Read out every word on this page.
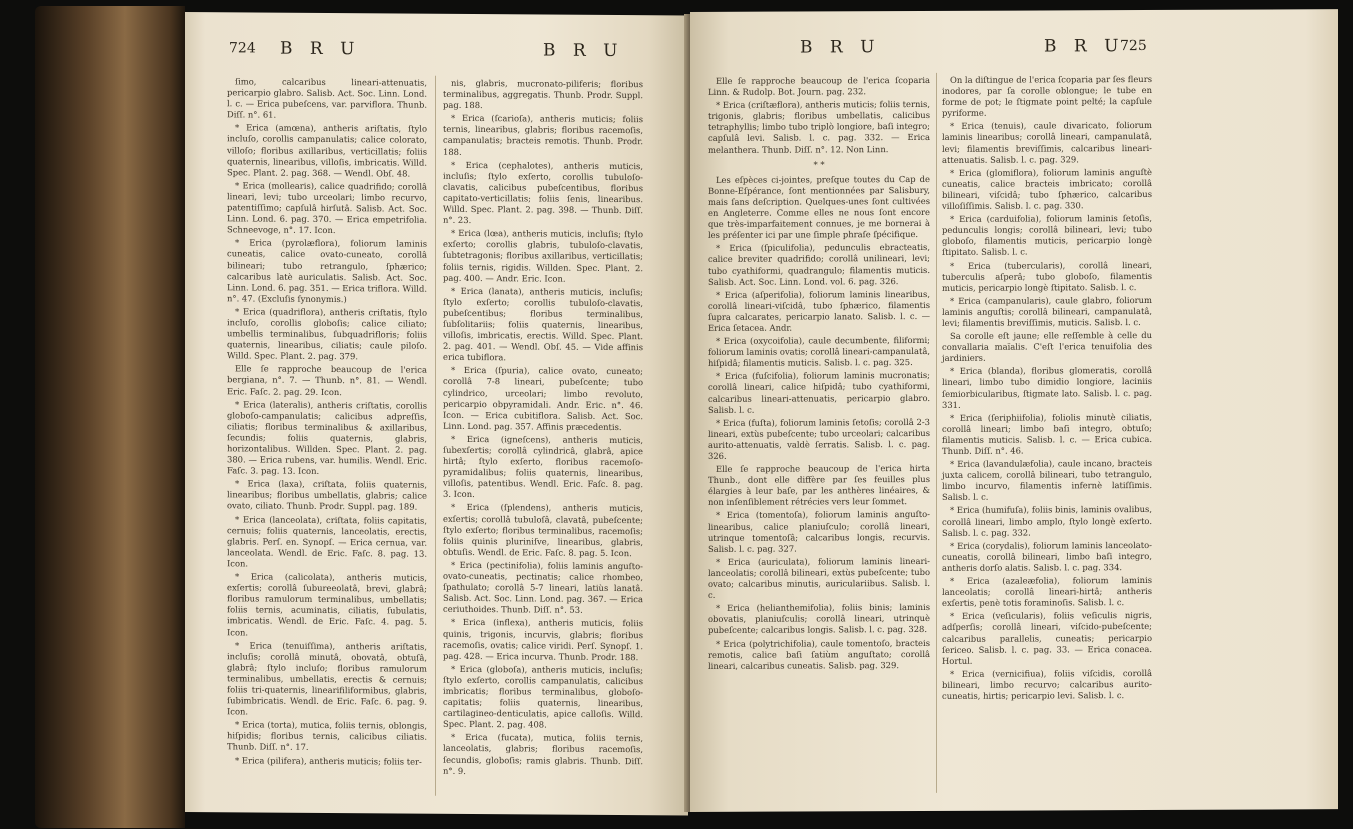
724 B R U	B R U

ſimo, calcaribus lineari-attenuatis, pericarpio glabro. Salisb. Act. Soc. Linn. Lond. l. c. — Erica pubeſcens, var. parviflora. Thunb. Diſſ. n°. 61.

* Erica (amœna), antheris ariſtatis, ſtylo incluſo, corollis campanulatis; calice colorato, villoſo; floribus axillaribus, verticillatis; foliis quaternis, linearibus, villoſis, imbricatis. Willd. Spec. Plant. 2. pag. 368. — Wendl. Obſ. 48.

* Erica (mollearis), calice quadrifido; corollâ lineari, levi; tubo urceolari; limbo recurvo, patentiſſimo; capſulâ hirſutâ. Salisb. Act. Soc. Linn. Lond. 6. pag. 370. — Erica empetrifolia. Schneevoge, n°. 17. Icon.

* Erica (pyrolæflora), foliorum laminis cuneatis, calice ovato-cuneato, corollâ bilineari; tubo retrangulo, ſphærico; calcaribus latè auriculatis. Salisb. Act. Soc. Linn. Lond. 6. pag. 351. — Erica triflora. Willd. n°. 47. (Excluſis ſynonymis.)

* Erica (quadriflora), antheris criſtatis, ſtylo incluſo, corollis globoſis; calice ciliato; umbellis terminalibus, ſubquadrifloris; foliis quaternis, linearibus, ciliatis; caule piloſo. Willd. Spec. Plant. 2. pag. 379.

Elle ſe rapproche beaucoup de l'erica bergiana, n°. 7. — Thunb. n°. 81. — Wendl. Eric. Faſc. 2. pag. 29. Icon.

* Erica (lateralis), antheris criſtatis, corollis globoſo-campanulatis; calicibus adpreſſis, ciliatis; floribus terminalibus & axillaribus, ſecundis; foliis quaternis, glabris, horizontalibus. Willden. Spec. Plant. 2. pag. 380. — Erica rubens, var. humilis. Wendl. Eric. Faſc. 3. pag. 13. Icon.

* Erica (laxa), criſtata, foliis quaternis, linearibus; floribus umbellatis, glabris; calice ovato, ciliato. Thunb. Prodr. Suppl. pag. 189.

* Erica (lanceolata), criſtata, foliis capitatis, cernuis; foliis quaternis, lanceolatis, erectis, glabris. Perſ. en. Synopſ. — Erica cernua, var. lanceolata. Wendl. de Eric. Faſc. 8. pag. 13. Icon.

* Erica (calicolata), antheris muticis, exſertis; corollâ ſubureeolatâ, brevi, glabrâ; floribus ramulorum terminalibus, umbellatis; foliis ternis, acuminatis, ciliatis, ſubulatis, imbricatis. Wendl. de Eric. Faſc. 4. pag. 5. Icon.

* Erica (tenuiſſima), antheris ariſtatis, incluſis; corollâ minutâ, obovatâ, obtuſâ, glabrâ; ſtylo incluſo; floribus ramulorum terminalibus, umbellatis, erectis & cernuis; foliis tri-quaternis, linearifiliformibus, glabris, ſubimbricatis. Wendl. de Eric. Faſc. 6. pag. 9. Icon.

* Erica (torta), mutica, foliis ternis, oblongis, hiſpidis; floribus ternis, calicibus ciliatis. Thunb. Diſſ. n°. 17.

* Erica (pilifera), antheris muticis; foliis ter-

nis, glabris, mucronato-piliferis; floribus terminalibus, aggregatis. Thunb. Prodr. Suppl. pag. 188.

* Erica (ſcarioſa), antheris muticis; foliis ternis, linearibus, glabris; floribus racemoſis, campanulatis; bracteis remotis. Thunb. Prodr. 188.

* Erica (cephalotes), antheris muticis, incluſis; ſtylo exſerto, corollis tubuloſo-clavatis, calicibus pubeſcentibus, floribus capitato-verticillatis; foliis ſenis, linearibus. Willd. Spec. Plant. 2. pag. 398. — Thunb. Diſſ. n°. 23.

* Erica (lœa), antheris muticis, incluſis; ſtylo exſerto; corollis glabris, tubuloſo-clavatis, ſubtetragonis; floribus axillaribus, verticillatis; foliis ternis, rigidis. Willden. Spec. Plant. 2. pag. 400. — Andr. Eric. Icon.

* Erica (lanata), antheris muticis, incluſis; ſtylo exſerto; corollis tubuloſo-clavatis, pubeſcentibus; floribus terminalibus, ſubſolitariis; foliis quaternis, linearibus, villoſis, imbricatis, erectis. Willd. Spec. Plant. 2. pag. 401. — Wendl. Obſ. 45. — Vide affinis erica tubiflora.

* Erica (ſpuria), calice ovato, cuneato; corollâ 7-8 lineari, pubeſcente; tubo cylindrico, urceolari; limbo revoluto, pericarpio obpyramidali. Andr. Eric. n°. 46. Icon. — Erica cubitiflora. Salisb. Act. Soc. Linn. Lond. pag. 357. Affinis præcedentis.

* Erica (igneſcens), antheris muticis, ſubexſertis; corollâ cylindricâ, glabrâ, apice hirtâ; ſtylo exſerto, floribus racemoſo-pyramidalibus; foliis quaternis, linearibus, villoſis, patentibus. Wendl. Eric. Faſc. 8. pag. 3. Icon.

* Erica (ſplendens), antheris muticis, exſertis; corollâ tubuloſâ, clavatâ, pubeſcente; ſtylo exſerto; floribus terminalibus, racemoſis; foliis quinis pluriniſve, linearibus, glabris, obtuſis. Wendl. de Eric. Faſc. 8. pag. 5. Icon.

* Erica (pectinifolia), foliis laminis anguſto-ovato-cuneatis, pectinatis; calice rhombeo, ſpathulato; corollâ 5-7 lineari, latiùs lanatâ. Salisb. Act. Soc. Linn. Lond. pag. 367. — Erica ceriuthoides. Thunb. Diſſ. n°. 53.

* Erica (inflexa), antheris muticis, foliis quinis, trigonis, incurvis, glabris; floribus racemoſis, ovatis; calice viridi. Perſ. Synopſ. 1. pag. 428. — Erica incurva. Thunb. Prodr. 188.

* Erica (globoſa), antheris muticis, incluſis; ſtylo exſerto, corollis campanulatis, calicibus imbricatis; floribus terminalibus, globoſo-capitatis; foliis quaternis, linearibus, cartilagineo-denticulatis, apice calloſis. Willd. Spec. Plant. 2. pag. 408.

* Erica (fucata), mutica, foliis ternis, lanceolatis, glabris; floribus racemoſis, ſecundis, globoſis; ramis glabris. Thunb. Diſſ. n°. 9.

B R U	B R U
725

Elle ſe rapproche beaucoup de l'erica ſcoparia Linn. & Rudolp. Bot. Journ. pag. 232.

* Erica (criſtæflora), antheris muticis; foliis ternis, trigonis, glabris; floribus umbellatis, calicibus tetraphyllis; limbo tubo triplò longiore, baſi integro; capſulâ levi. Salisb. l. c. pag. 332. — Erica melanthera. Thunb. Diſſ. n°. 12. Non Linn.

* *

Les eſpèces ci-jointes, preſque toutes du Cap de Bonne-Eſpérance, ſont mentionnées par Salisbury, mais ſans deſcription. Quelques-unes ſont cultivées en Angleterre. Comme elles ne nous ſont encore que très-imparfaitement connues, je me bornerai à les préſenter ici par une ſimple phraſe ſpécifique.

* Erica (ſpiculifolia), pedunculis ebracteatis, calice breviter quadrifido; corollâ unilineari, levi; tubo cyathiformi, quadrangulo; filamentis muticis. Salisb. Act. Soc. Linn. Lond. vol. 6. pag. 326.

* Erica (aſperifolia), foliorum laminis linearibus, corollâ lineari-viſcidâ, tubo ſphærico, filamentis ſupra calcarates, pericarpio lanato. Salisb. l. c. — Erica ſetacea. Andr.

* Erica (oxycoifolia), caule decumbente, filiformi; foliorum laminis ovatis; corollâ lineari-campanulatâ, hiſpidâ; filamentis muticis. Salisb. l. c. pag. 325.

* Erica (fuſcifolia), foliorum laminis mucronatis; corollâ lineari, calice hiſpidâ; tubo cyathiformi, calcaribus lineari-attenuatis, pericarpio glabro. Salisb. l. c.

* Erica (fuſta), foliorum laminis ſetoſis; corollâ 2-3 lineari, extùs pubeſcente; tubo urceolari; calcaribus aurito-attenuatis, valdè ſerratis. Salisb. l. c. pag. 326.

Elle ſe rapproche beaucoup de l'erica hirta Thunb., dont elle diffère par ſes feuilles plus élargies à leur baſe, par les anthères linéaires, & non inſenſiblement rétrécies vers leur ſommet.

* Erica (tomentoſa), foliorum laminis anguſto-linearibus, calice planiuſculo; corollâ lineari, utrinque tomentoſâ; calcaribus longis, recurvis. Salisb. l. c. pag. 327.

* Erica (auriculata), foliorum laminis lineari-lanceolatis; corollâ bilineari, extùs pubeſcente; tubo ovato; calcaribus minutis, auriculariibus. Salisb. l. c.

* Erica (helianthemifolia), foliis binis; laminis obovatis, planiuſculis; corollâ lineari, utrinquè pubeſcente; calcaribus longis. Salisb. l. c. pag. 328.

* Erica (polytrichifolia), caule tomentoſo, bracteis remotis, calice baſi ſatiùm anguſtato; corollâ lineari, calcaribus cuneatis. Salisb. pag. 329.

On la diſtingue de l'erica ſcoparia par ſes fleurs inodores, par ſa corolle oblongue; le tube en forme de pot; le ſtigmate point pelté; la capſule pyriforme.

* Erica (tenuis), caule divaricato, foliorum laminis linearibus; corollâ lineari, campanulatâ, levi; filamentis breviſſimis, calcaribus lineari-attenuatis. Salisb. l. c. pag. 329.

* Erica (glomiflora), foliorum laminis anguſtè cuneatis, calice bracteis imbricato; corollâ bilineari, viſcidâ; tubo ſphærico, calcaribus villoſiſſimis. Salisb. l. c. pag. 330.

* Erica (carduifolia), foliorum laminis ſetoſis, pedunculis longis; corollâ bilineari, levi; tubo globoſo, filamentis muticis, pericarpio longè ſtipitato. Salisb. l. c.

* Erica (tubercularis), corollâ lineari, tuberculis aſperâ; tubo globoſo, filamentis muticis, pericarpio longè ſtipitato. Salisb. l. c.

* Erica (campanularis), caule glabro, foliorum laminis anguſtis; corollâ bilineari, campanulatâ, levi; filamentis breviſſimis, muticis. Salisb. l. c.

Sa corolle eſt jaune; elle reſſemble à celle du convallaria maïalis. C'eſt l'erica tenuifolia des jardiniers.

* Erica (blanda), floribus glomeratis, corollâ lineari, limbo tubo dimidio longiore, laciniis ſemiorbicularibus, ſtigmate lato. Salisb. l. c. pag. 331.

* Erica (ſeriphiifolia), foliolis minutè ciliatis, corollâ lineari; limbo baſi integro, obtuſo; filamentis muticis. Salisb. l. c. — Erica cubica. Thunb. Diſſ. n°. 46.

* Erica (lavandulæfolia), caule incano, bracteis juxta calicem, corollâ bilineari, tubo tetrangulo, limbo incurvo, filamentis infernè latiſſimis. Salisb. l. c.

* Erica (humifuſa), foliis binis, laminis ovalibus, corollâ lineari, limbo amplo, ſtylo longè exſerto. Salisb. l. c. pag. 332.

* Erica (corydalis), foliorum laminis lanceolato-cuneatis, corollâ bilineari, limbo baſi integro, antheris dorſo alatis. Salisb. l. c. pag. 334.

* Erica (azaleæfolia), foliorum laminis lanceolatis; corollâ lineari-hirtâ; antheris exſertis, penè totis foraminoſis. Salisb. l. c.

* Erica (veſicularis), foliis veſiculis nigris, adſperſis; corollâ lineari, viſcido-pubeſcente; calcaribus parallelis, cuneatis; pericarpio ſericeo. Salisb. l. c. pag. 33. — Erica conacea. Hortul.

* Erica (vernicifiua), foliis viſcidis, corollâ bilineari, limbo recurvo; calcaribus aurito-cuneatis, hirtis; pericarpio levi. Salisb. l. c.
